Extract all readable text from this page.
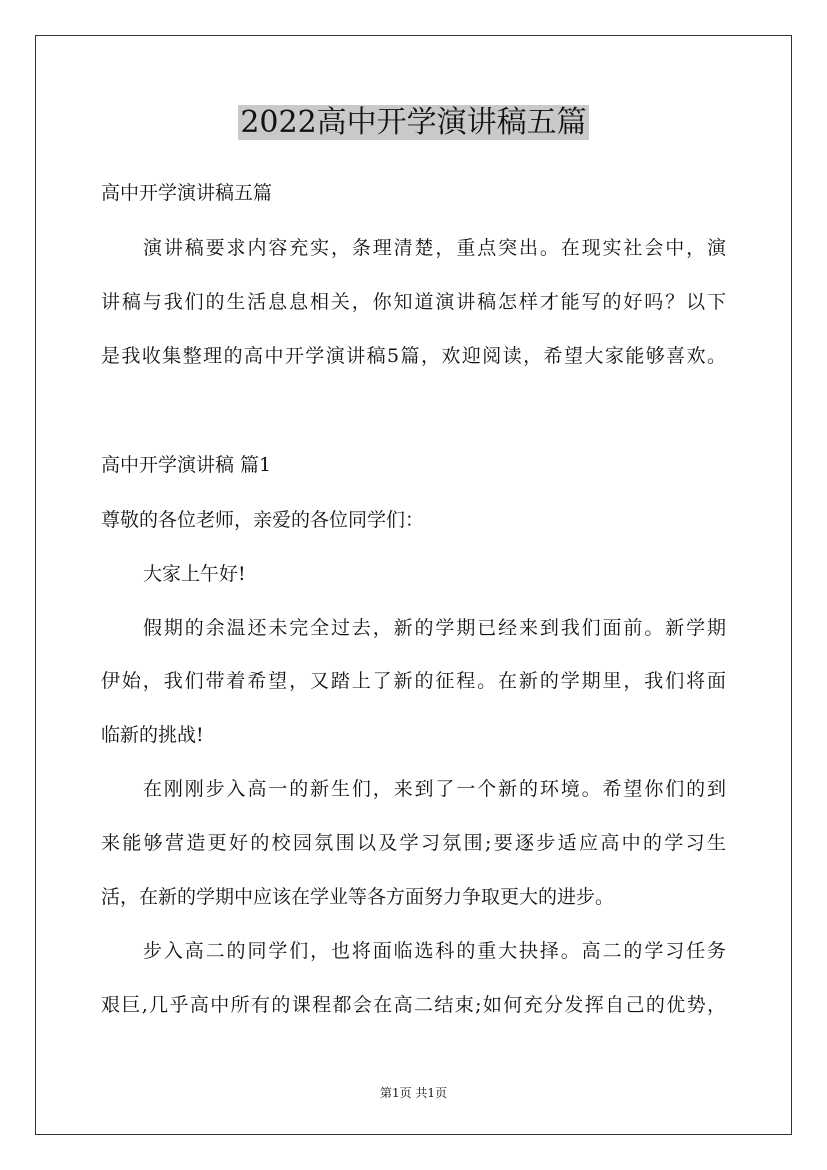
2022高中开学演讲稿五篇
高中开学演讲稿五篇
演讲稿要求内容充实，条理清楚，重点突出。在现实社会中，演
讲稿与我们的生活息息相关，你知道演讲稿怎样才能写的好吗？以下
是我收集整理的高中开学演讲稿5篇，欢迎阅读，希望大家能够喜欢。
高中开学演讲稿 篇1
尊敬的各位老师，亲爱的各位同学们：
大家上午好!
假期的余温还未完全过去，新的学期已经来到我们面前。新学期
伊始，我们带着希望，又踏上了新的征程。在新的学期里，我们将面
临新的挑战!
在刚刚步入高一的新生们，来到了一个新的环境。希望你们的到
来能够营造更好的校园氛围以及学习氛围;要逐步适应高中的学习生
活，在新的学期中应该在学业等各方面努力争取更大的进步。
步入高二的同学们，也将面临选科的重大抉择。高二的学习任务
艰巨,几乎高中所有的课程都会在高二结束;如何充分发挥自己的优势，
第1页 共1页
